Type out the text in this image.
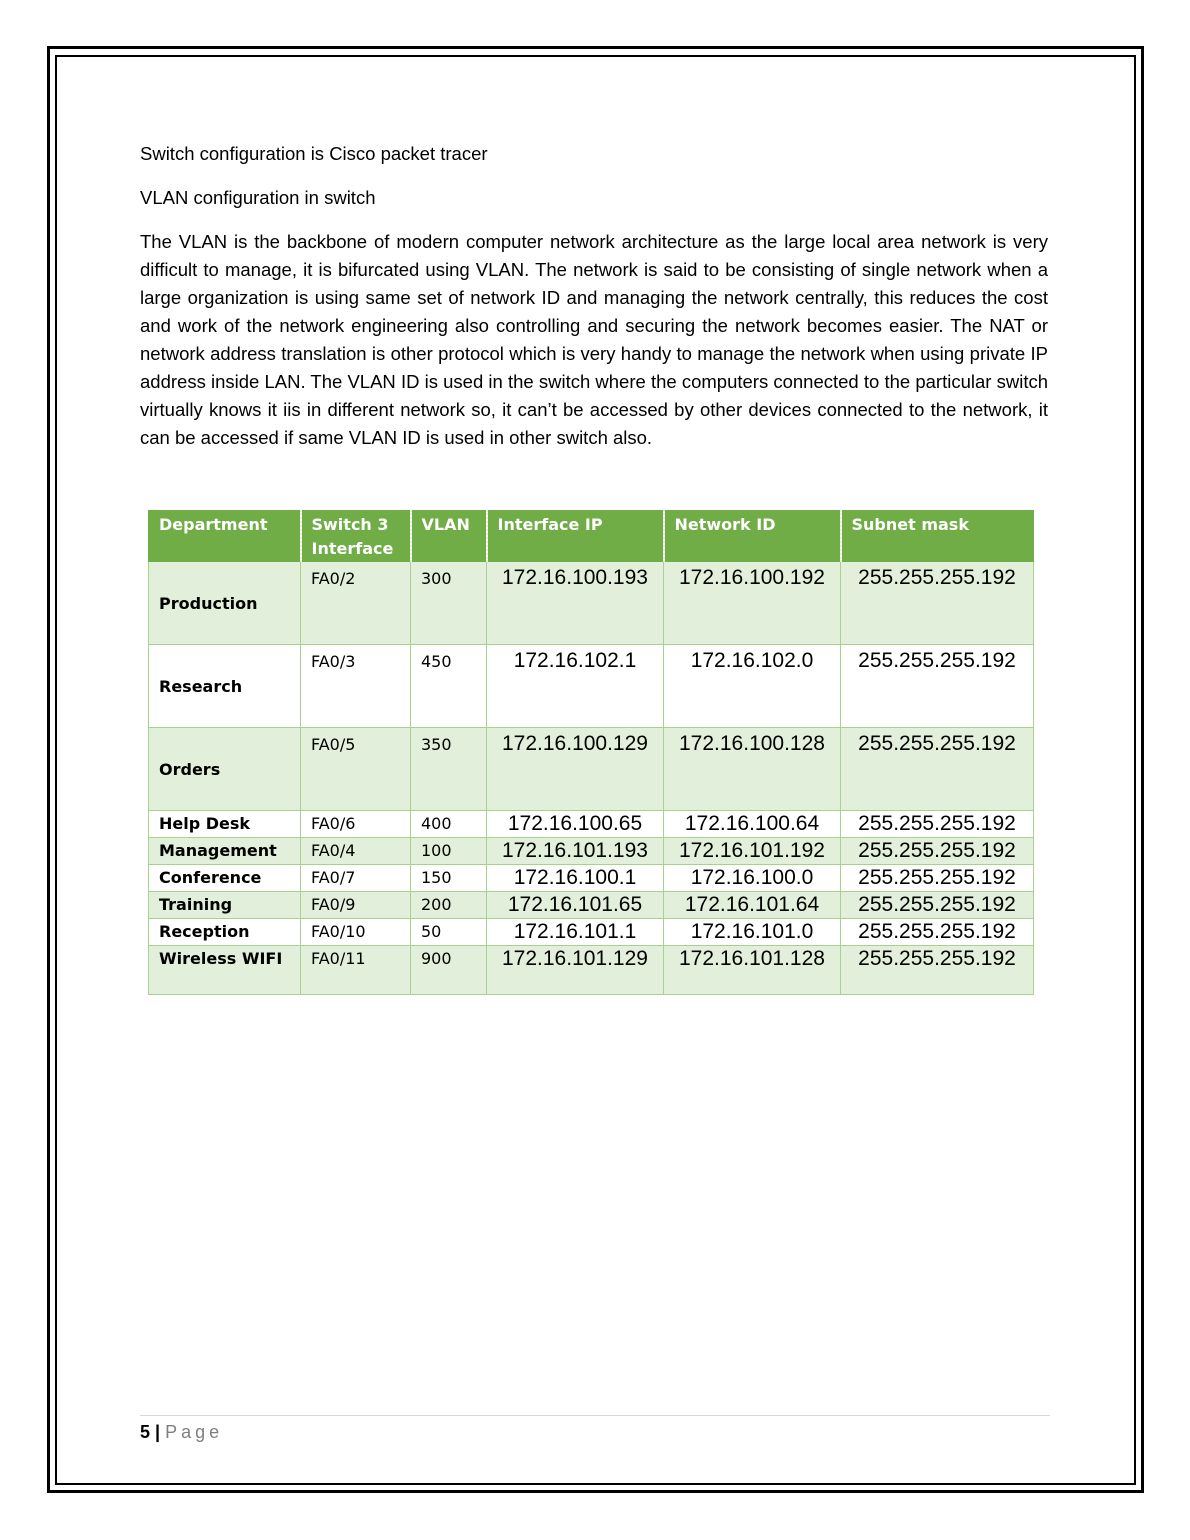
Switch configuration is Cisco packet tracer

VLAN configuration in switch

The VLAN is the backbone of modern computer network architecture as the large local area network is very difficult to manage, it is bifurcated using VLAN. The network is said to be consisting of single network when a large organization is using same set of network ID and managing the network centrally, this reduces the cost and work of the network engineering also controlling and securing the network becomes easier. The NAT or network address translation is other protocol which is very handy to manage the network when using private IP address inside LAN. The VLAN ID is used in the switch where the computers connected to the particular switch virtually knows it iis in different network so, it can’t be accessed by other devices connected to the network, it can be accessed if same VLAN ID is used in other switch also.

Department	Switch 3 Interface	VLAN	Interface IP	Network ID	Subnet mask
Production	FA0/2	300	172.16.100.193	172.16.100.192	255.255.255.192
Research	FA0/3	450	172.16.102.1	172.16.102.0	255.255.255.192
Orders	FA0/5	350	172.16.100.129	172.16.100.128	255.255.255.192
Help Desk	FA0/6	400	172.16.100.65	172.16.100.64	255.255.255.192
Management	FA0/4	100	172.16.101.193	172.16.101.192	255.255.255.192
Conference	FA0/7	150	172.16.100.1	172.16.100.0	255.255.255.192
Training	FA0/9	200	172.16.101.65	172.16.101.64	255.255.255.192
Reception	FA0/10	50	172.16.101.1	172.16.101.0	255.255.255.192
Wireless WIFI	FA0/11	900	172.16.101.129	172.16.101.128	255.255.255.192
5 | Page
